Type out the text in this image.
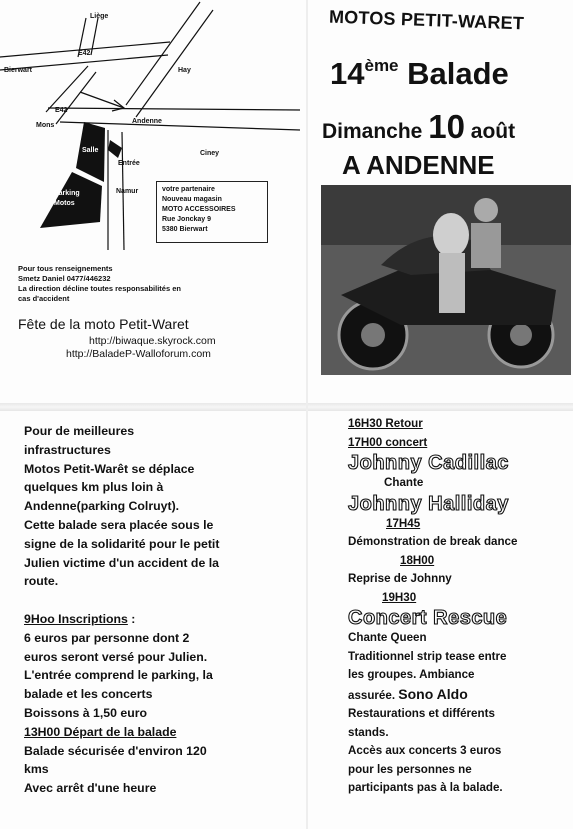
Liège
Bierwart
E42
Hay
E42
Mons
Andenne
Salle
Entrée
Ciney
Parking
Motos
Namur	votre partenaire
Nouveau magasin
MOTO ACCESSOIRES
Rue Jonckay 9
5380 Bierwart
Pour tous renseignements
Smetz Daniel 0477/446232
La direction décline toutes responsabilités en
cas d'accident
Fête de la moto Petit-Waret
http://biwaque.skyrock.com
http://BaladeP-Walloforum.com
MOTOS PETIT-WARET
14ème Balade
Dimanche 10 août
A ANDENNE
Pour de meilleures
infrastructures
Motos Petit-Warêt se déplace
quelques km plus loin à
Andenne(parking Colruyt).
Cette balade sera placée sous le
signe de la solidarité pour le petit
Julien victime d'un accident de la
route.

9Hoo Inscriptions :
6 euros par personne dont 2
euros seront versé pour Julien.
L'entrée comprend le parking, la
balade et les concerts
Boissons à 1,50 euro
13H00 Départ de la balade
Balade sécurisée d'environ 120
kms
Avec arrêt d'une heure
16H30 Retour
17H00 concert
Johnny Cadillac
Chante
Johnny Halliday
17H45
Démonstration de break dance
18H00
Reprise de Johnny
19H30
Concert Rescue
Chante Queen
Traditionnel strip tease entre
les groupes. Ambiance
assurée. Sono Aldo
Restaurations et différents
stands.
Accès aux concerts 3 euros
pour les personnes ne
participants pas à la balade.
